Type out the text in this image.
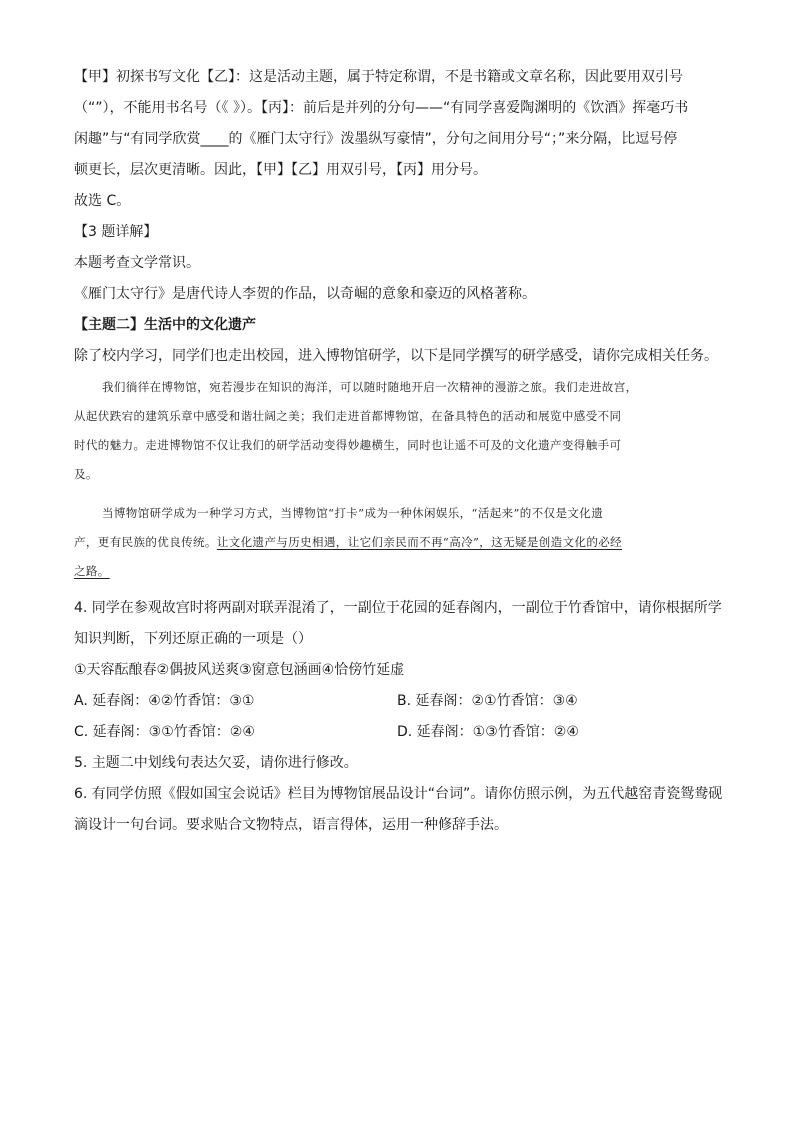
【甲】初探书写文化【乙】：这是活动主题，属于特定称谓，不是书籍或文章名称，因此要用双引号
（“”），不能用书名号（《 》）。【丙】：前后是并列的分句——“有同学喜爱陶渊明的《饮酒》挥毫巧书
闲趣”与“有同学欣赏____的《雁门太守行》泼墨纵写豪情”，分句之间用分号“；”来分隔，比逗号停
顿更长，层次更清晰。因此，【甲】【乙】用双引号，【丙】用分号。
故选 C。
【3 题详解】
本题考查文学常识。
《雁门太守行》是唐代诗人李贺的作品，以奇崛的意象和豪迈的风格著称。
【主题二】生活中的文化遗产
除了校内学习，同学们也走出校园，进入博物馆研学，以下是同学撰写的研学感受，请你完成相关任务。
我们徜徉在博物馆，宛若漫步在知识的海洋，可以随时随地开启一次精神的漫游之旅。我们走进故宫，
从起伏跌宕的建筑乐章中感受和谐壮阔之美；我们走进首都博物馆，在备具特色的活动和展览中感受不同
时代的魅力。走进博物馆不仅让我们的研学活动变得妙趣横生，同时也让遥不可及的文化遗产变得触手可
及。
当博物馆研学成为一种学习方式，当博物馆“打卡”成为一种休闲娱乐，“活起来”的不仅是文化遗
产，更有民族的优良传统。让文化遗产与历史相遇，让它们亲民而不再“高冷”，这无疑是创造文化的必经
之路。
4. 同学在参观故宫时将两副对联弄混淆了，一副位于花园的延春阁内，一副位于竹香馆中，请你根据所学
知识判断，下列还原正确的一项是（）
①天容酝酿春②偶披风送爽③窗意包涵画④恰傍竹延虚
A. 延春阁：④②竹香馆：③①	B. 延春阁：②①竹香馆：③④
C. 延春阁：③①竹香馆：②④	D. 延春阁：①③竹香馆：②④
5. 主题二中划线句表达欠妥，请你进行修改。
6. 有同学仿照《假如国宝会说话》栏目为博物馆展品设计“台词”。请你仿照示例，为五代越窑青瓷鸳鸯砚
滴设计一句台词。要求贴合文物特点，语言得体，运用一种修辞手法。
